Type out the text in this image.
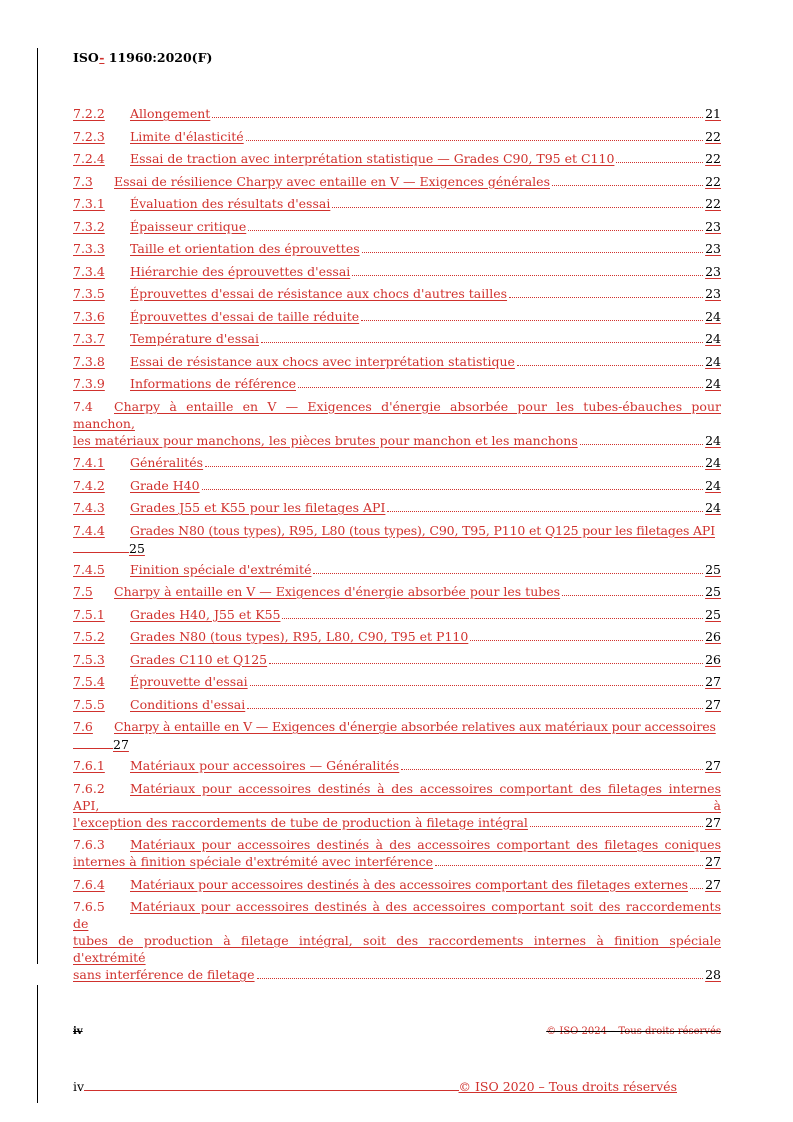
ISO- 11960:2020(F)
7.2.2	Allongement	21
7.2.3	Limite d'élasticité	22
7.2.4	Essai de traction avec interprétation statistique — Grades C90, T95 et C110	22
7.3	Essai de résilience Charpy avec entaille en V — Exigences générales	22
7.3.1	Évaluation des résultats d'essai	22
7.3.2	Épaisseur critique	23
7.3.3	Taille et orientation des éprouvettes	23
7.3.4	Hiérarchie des éprouvettes d'essai	23
7.3.5	Éprouvettes d'essai de résistance aux chocs d'autres tailles	23
7.3.6	Éprouvettes d'essai de taille réduite	24
7.3.7	Température d'essai	24
7.3.8	Essai de résistance aux chocs avec interprétation statistique	24
7.3.9	Informations de référence	24
7.4 Charpy à entaille en V — Exigences d'énergie absorbée pour les tubes-ébauches pour manchon,
les matériaux pour manchons, les pièces brutes pour manchon et les manchons	24
7.4.1	Généralités	24
7.4.2	Grade H40	24
7.4.3	Grades J55 et K55 pour les filetages API	24
7.4.4	Grades N80 (tous types), R95, L80 (tous types), C90, T95, P110 et Q125 pour les filetages API
25
7.4.5	Finition spéciale d'extrémité	25
7.5	Charpy à entaille en V — Exigences d'énergie absorbée pour les tubes	25
7.5.1	Grades H40, J55 et K55	25
7.5.2	Grades N80 (tous types), R95, L80, C90, T95 et P110	26
7.5.3	Grades C110 et Q125	26
7.5.4	Éprouvette d'essai	27
7.5.5	Conditions d'essai	27
7.6	Charpy à entaille en V — Exigences d'énergie absorbée relatives aux matériaux pour accessoires
27
7.6.1	Matériaux pour accessoires — Généralités	27
7.6.2 Matériaux pour accessoires destinés à des accessoires comportant des filetages internes API, à
l'exception des raccordements de tube de production à filetage intégral	27
7.6.3 Matériaux pour accessoires destinés à des accessoires comportant des filetages coniques
internes à finition spéciale d'extrémité avec interférence	27
7.6.4	Matériaux pour accessoires destinés à des accessoires comportant des filetages externes 27
7.6.5 Matériaux pour accessoires destinés à des accessoires comportant soit des raccordements de
tubes de production à filetage intégral, soit des raccordements internes à finition spéciale d'extrémité
sans interférence de filetage	28
iv	© ISO 2024 – Tous droits réservés
iv	© ISO 2020 – Tous droits réservés
